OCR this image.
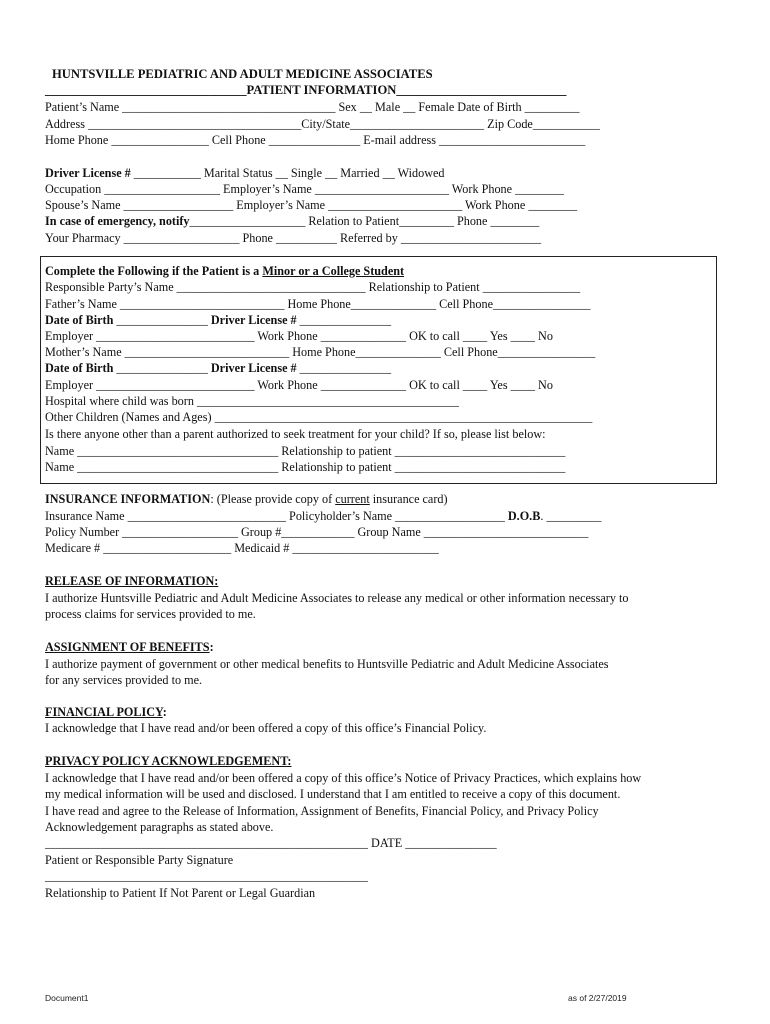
HUNTSVILLE PEDIATRIC AND ADULT MEDICINE ASSOCIATES
________________________________PATIENT INFORMATION___________________________
Patient’s Name ___________________________________ Sex __ Male __ Female Date of Birth _________
Address ___________________________________City/State______________________ Zip Code___________
Home Phone ________________ Cell Phone _______________ E-mail address ________________________
Driver License # ___________ Marital Status __ Single __ Married __ Widowed
Occupation ___________________ Employer’s Name ______________________ Work Phone ________
Spouse’s Name __________________ Employer’s Name ______________________ Work Phone ________
In case of emergency, notify___________________ Relation to Patient_________ Phone ________
Your Pharmacy ___________________ Phone __________ Referred by _______________________
Complete the Following if the Patient is a Minor or a College Student
Responsible Party’s Name _______________________________ Relationship to Patient ________________
Father’s Name ___________________________ Home Phone______________ Cell Phone________________
Date of Birth _______________ Driver License # _______________
Employer __________________________ Work Phone ______________ OK to call ____ Yes ____ No
Mother’s Name ___________________________ Home Phone______________ Cell Phone________________
Date of Birth _______________ Driver License # _______________
Employer __________________________ Work Phone ______________ OK to call ____ Yes ____ No
Hospital where child was born ___________________________________________
Other Children (Names and Ages) ______________________________________________________________
Is there anyone other than a parent authorized to seek treatment for your child? If so, please list below:
Name _________________________________ Relationship to patient ____________________________
Name _________________________________ Relationship to patient ____________________________
INSURANCE INFORMATION: (Please provide copy of current insurance card)
Insurance Name __________________________ Policyholder’s Name __________________ D.O.B. _________
Policy Number ___________________ Group #____________ Group Name ___________________________
Medicare # _____________________ Medicaid # ________________________
RELEASE OF INFORMATION:
I authorize Huntsville Pediatric and Adult Medicine Associates to release any medical or other information necessary to
process claims for services provided to me.
ASSIGNMENT OF BENEFITS:
I authorize payment of government or other medical benefits to Huntsville Pediatric and Adult Medicine Associates
for any services provided to me.
FINANCIAL POLICY:
I acknowledge that I have read and/or been offered a copy of this office’s Financial Policy.
PRIVACY POLICY ACKNOWLEDGEMENT:
I acknowledge that I have read and/or been offered a copy of this office’s Notice of Privacy Practices, which explains how
my medical information will be used and disclosed. I understand that I am entitled to receive a copy of this document.
I have read and agree to the Release of Information, Assignment of Benefits, Financial Policy, and Privacy Policy
Acknowledgement paragraphs as stated above.
_____________________________________________________ DATE _______________
Patient or Responsible Party Signature
_____________________________________________________
Relationship to Patient If Not Parent or Legal Guardian
Document1	as of 2/27/2019
